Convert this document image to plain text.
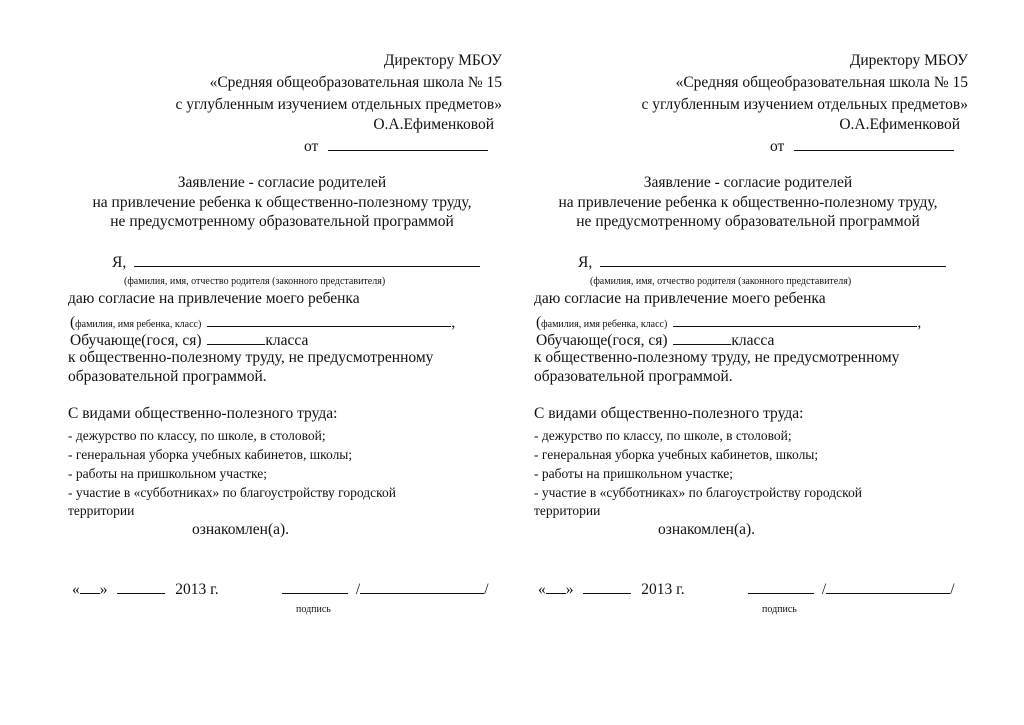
Директору МБОУ
«Средняя общеобразовательная школа № 15
с углубленным изучением отдельных предметов»
О.А.Ефименковой
от
Заявление - согласие родителей
на привлечение ребенка к общественно-полезному труду,
не предусмотренному образовательной программой
Я,
(фамилия, имя, отчество родителя (законного представителя)
даю согласие на привлечение моего ребенка
(фамилия, имя ребенка, класс)	,
Обучающе(гося, ся)	класса
к общественно-полезному труду, не предусмотренному
образовательной программой.
С видами общественно-полезного труда:
- дежурство по классу, по школе, в столовой;
- генеральная уборка учебных кабинетов, школы;
- работы на пришкольном участке;
- участие в «субботниках» по благоустройству городской
территории
ознакомлен(а).
« »	2013 г.	/	/
подпись
Директору МБОУ
«Средняя общеобразовательная школа № 15
с углубленным изучением отдельных предметов»
О.А.Ефименковой
от
Заявление - согласие родителей
на привлечение ребенка к общественно-полезному труду,
не предусмотренному образовательной программой
Я,
(фамилия, имя, отчество родителя (законного представителя)
даю согласие на привлечение моего ребенка
(фамилия, имя ребенка, класс)	,
Обучающе(гося, ся)	класса
к общественно-полезному труду, не предусмотренному
образовательной программой.
С видами общественно-полезного труда:
- дежурство по классу, по школе, в столовой;
- генеральная уборка учебных кабинетов, школы;
- работы на пришкольном участке;
- участие в «субботниках» по благоустройству городской
территории
ознакомлен(а).
« »	2013 г.	/	/
подпись
